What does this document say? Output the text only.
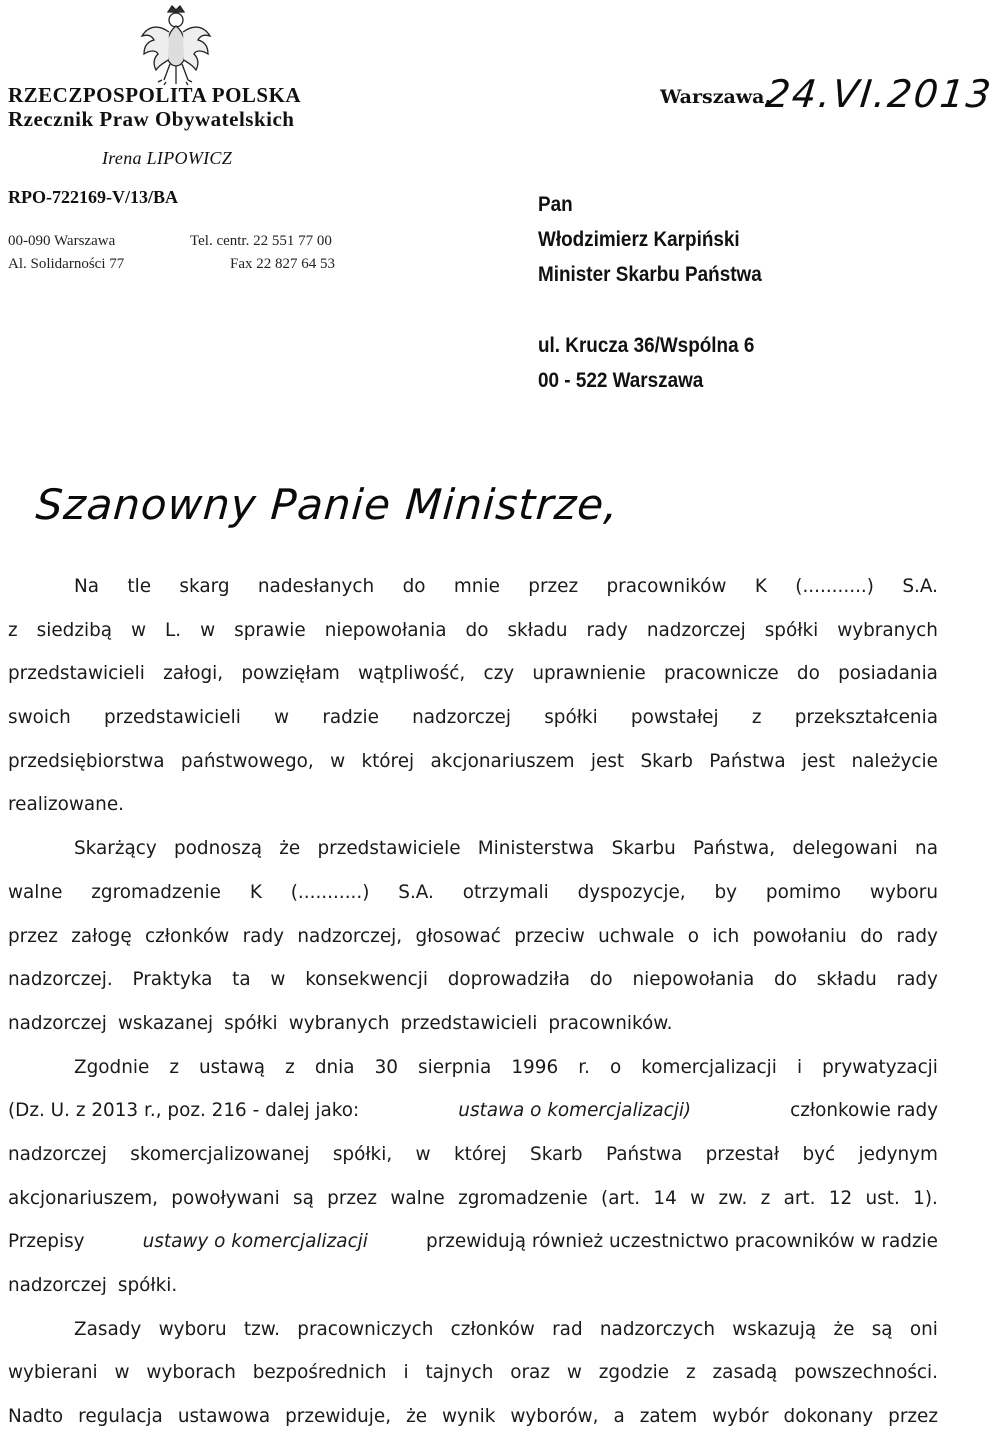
RZECZPOSPOLITA POLSKA
Rzecznik Praw Obywatelskich
Irena LIPOWICZ
RPO-722169-V/13/BA
00-090 Warszawa
Al. Solidarności 77
Tel. centr. 22 551 77 00
Fax 22 827 64 53
Warszawa,
24.VI.2013
Pan
Włodzimierz Karpiński
Minister Skarbu Państwa
ul. Krucza 36/Wspólna 6
00 - 522 Warszawa
Szanowny Panie Ministrze,
Na tle skarg nadesłanych do mnie przez pracowników K (...........) S.A.
z siedzibą w L. w sprawie niepowołania do składu rady nadzorczej spółki wybranych
przedstawicieli załogi, powzięłam wątpliwość, czy uprawnienie pracownicze do posiadania
swoich przedstawicieli w radzie nadzorczej spółki powstałej z przekształcenia
przedsiębiorstwa państwowego, w której akcjonariuszem jest Skarb Państwa jest należycie
realizowane.
Skarżący podnoszą że przedstawiciele Ministerstwa Skarbu Państwa, delegowani na
walne zgromadzenie K (...........) S.A. otrzymali dyspozycje, by pomimo wyboru
przez załogę członków rady nadzorczej, głosować przeciw uchwale o ich powołaniu do rady
nadzorczej. Praktyka ta w konsekwencji doprowadziła do niepowołania do składu rady
nadzorczej wskazanej spółki wybranych przedstawicieli pracowników.
Zgodnie z ustawą z dnia 30 sierpnia 1996 r. o komercjalizacji i prywatyzacji
(Dz. U. z 2013 r., poz. 216 - dalej jako:	ustawa o komercjalizacji)	członkowie rady
nadzorczej skomercjalizowanej spółki, w której Skarb Państwa przestał być jedynym
akcjonariuszem, powoływani są przez walne zgromadzenie (art. 14 w zw. z art. 12 ust. 1).
Przepisy	ustawy o komercjalizacji	przewidują również uczestnictwo pracowników w radzie
nadzorczej spółki.
Zasady wyboru tzw. pracowniczych członków rad nadzorczych wskazują że są oni
wybierani w wyborach bezpośrednich i tajnych oraz w zgodzie z zasadą powszechności.
Nadto regulacja ustawowa przewiduje, że wynik wyborów, a zatem wybór dokonany przez
